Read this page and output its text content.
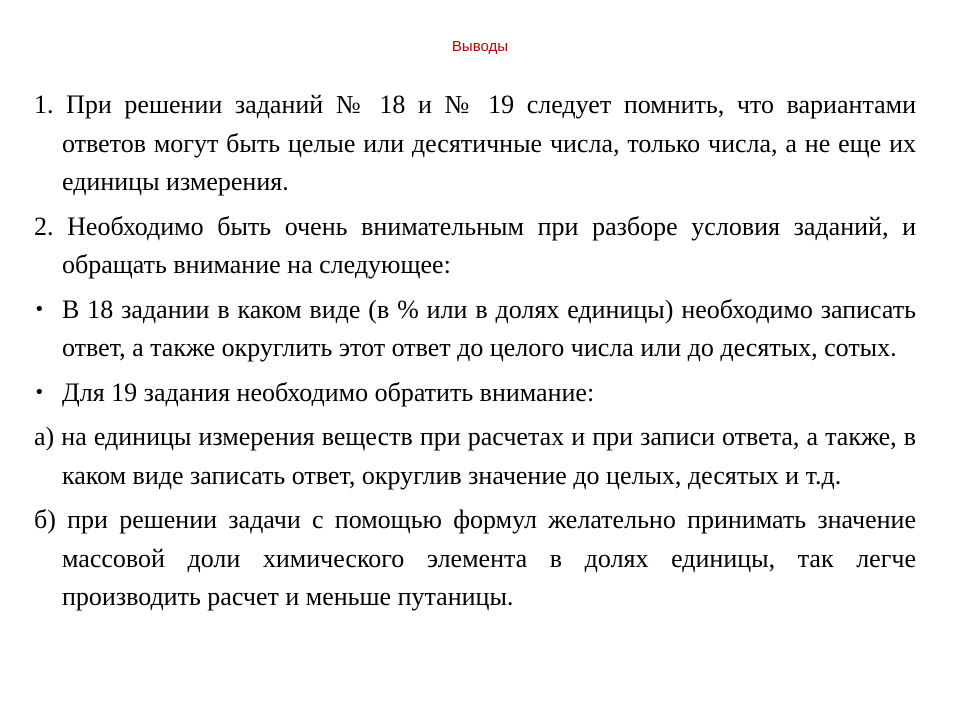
Выводы

1. При решении заданий № 18 и № 19 следует помнить, что вариантами ответов могут быть целые или десятичные числа, только числа, а не еще их единицы измерения.

2. Необходимо быть очень внимательным при разборе условия заданий, и обращать внимание на следующее:

• В 18 задании в каком виде (в % или в долях единицы) необходимо записать ответ, а также округлить этот ответ до целого числа или до десятых, сотых.

• Для 19 задания необходимо обратить внимание:

а) на единицы измерения веществ при расчетах и при записи ответа, а также, в каком виде записать ответ, округлив значение до целых, десятых и т.д.

б) при решении задачи с помощью формул желательно принимать значение массовой доли химического элемента в долях единицы, так легче производить расчет и меньше путаницы.
